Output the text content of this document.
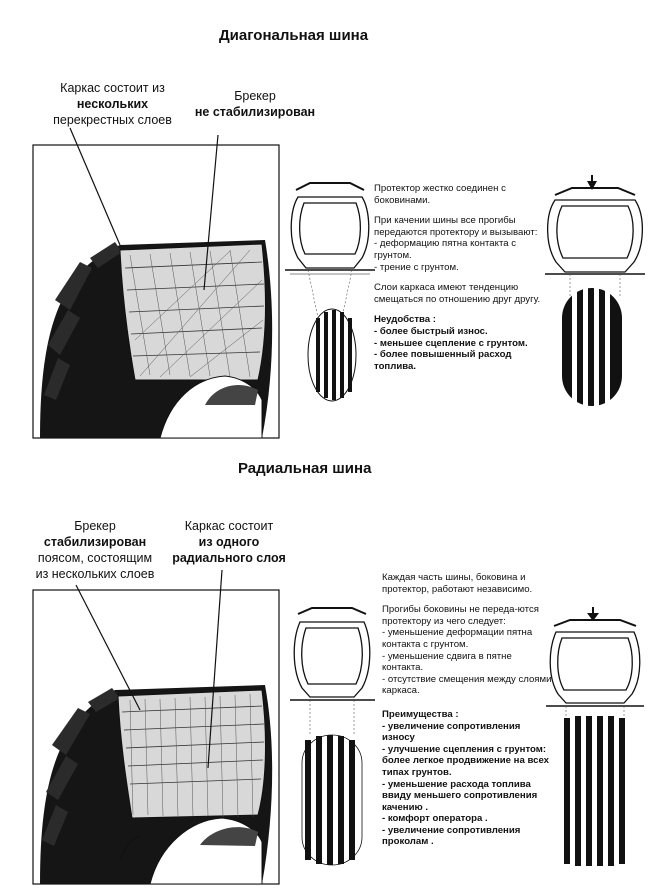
Диагональная шина
Каркас состоит из
нескольких
перекрестных слоев
Брекер
не стабилизирован

Протектор жестко соединен с боковинами.

При качении шины все прогибы передаются протектору и вызывают:

- деформацию пятна контакта с грунтом.
- трение с грунтом.

Слои каркаса имеют тенденцию смещаться по отношению друг другу.

Неудобства :
- более быстрый износ.
- меньшее сцепление с грунтом.
- более повышенный расход топлива.
Радиальная шина
Брекер
стабилизирован
поясом, состоящим
из нескольких слоев
Каркас состоит
из одного
радиального слоя

Каждая часть шины, боковина и протектор, работают независимо.

Прогибы боковины не переда-ются протектору из чего следует:

- уменьшение деформации пятна контакта с грунтом.
- уменьшение сдвига в пятне контакта.
- отсутствие смещения между слоями каркаса.
Преимущества :
- увеличение сопротивления износу
- улучшение сцепления с грунтом: более легкое продвижение на всех типах грунтов.
- уменьшение расхода топлива ввиду меньшего сопротивления качению .
- комфорт оператора .
- увеличение сопротивления проколам .
